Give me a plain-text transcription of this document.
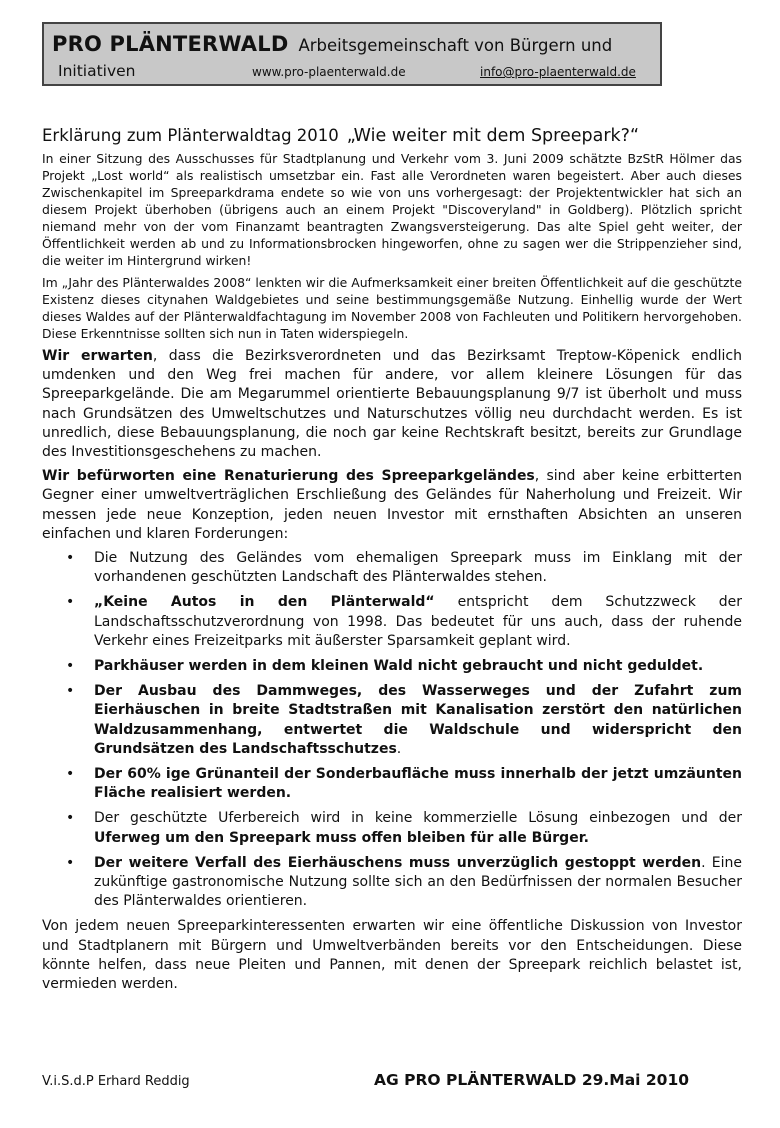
PRO PLÄNTERWALD Arbeitsgemeinschaft von Bürgern und
Initiativen	www.pro-plaenterwald.de	info@pro-plaenterwald.de
Erklärung zum Plänterwaldtag 2010 „Wie weiter mit dem Spreepark?“

In einer Sitzung des Ausschusses für Stadtplanung und Verkehr vom 3. Juni 2009 schätzte BzStR Hölmer das Projekt „Lost world“ als realistisch umsetzbar ein. Fast alle Verordneten waren begeistert. Aber auch dieses Zwischenkapitel im Spreeparkdrama endete so wie von uns vorhergesagt: der Projektentwickler hat sich an diesem Projekt überhoben (übrigens auch an einem Projekt "Discoveryland" in Goldberg). Plötzlich spricht niemand mehr von der vom Finanzamt beantragten Zwangsversteigerung. Das alte Spiel geht weiter, der Öffentlichkeit werden ab und zu Informationsbrocken hingeworfen, ohne zu sagen wer die Strippenzieher sind, die weiter im Hintergrund wirken!

Im „Jahr des Plänterwaldes 2008“ lenkten wir die Aufmerksamkeit einer breiten Öffentlichkeit auf die geschützte Existenz dieses citynahen Waldgebietes und seine bestimmungsgemäße Nutzung. Einhellig wurde der Wert dieses Waldes auf der Plänterwaldfachtagung im November 2008 von Fachleuten und Politikern hervorgehoben. Diese Erkenntnisse sollten sich nun in Taten widerspiegeln.

Wir erwarten, dass die Bezirksverordneten und das Bezirksamt Treptow-Köpenick endlich umdenken und den Weg frei machen für andere, vor allem kleinere Lösungen für das Spreeparkgelände. Die am Megarummel orientierte Bebauungsplanung 9/7 ist überholt und muss nach Grundsätzen des Umweltschutzes und Naturschutzes völlig neu durchdacht werden. Es ist unredlich, diese Bebauungsplanung, die noch gar keine Rechtskraft besitzt, bereits zur Grundlage des Investitionsgeschehens zu machen.

Wir befürworten eine Renaturierung des Spreeparkgeländes, sind aber keine erbitterten Gegner einer umweltverträglichen Erschließung des Geländes für Naherholung und Freizeit. Wir messen jede neue Konzeption, jeden neuen Investor mit ernsthaften Absichten an unseren einfachen und klaren Forderungen:

• Die Nutzung des Geländes vom ehemaligen Spreepark muss im Einklang mit der vorhandenen geschützten Landschaft des Plänterwaldes stehen.
• „Keine Autos in den Plänterwald“ entspricht dem Schutzzweck der Landschaftsschutzverordnung von 1998. Das bedeutet für uns auch, dass der ruhende Verkehr eines Freizeitparks mit äußerster Sparsamkeit geplant wird.
• Parkhäuser werden in dem kleinen Wald nicht gebraucht und nicht geduldet.
• Der Ausbau des Dammweges, des Wasserweges und der Zufahrt zum Eierhäuschen in breite Stadtstraßen mit Kanalisation zerstört den natürlichen Waldzusammenhang, entwertet die Waldschule und widerspricht den Grundsätzen des Landschaftsschutzes.
• Der 60% ige Grünanteil der Sonderbaufläche muss innerhalb der jetzt umzäunten Fläche realisiert werden.
• Der geschützte Uferbereich wird in keine kommerzielle Lösung einbezogen und der Uferweg um den Spreepark muss offen bleiben für alle Bürger.
• Der weitere Verfall des Eierhäuschens muss unverzüglich gestoppt werden. Eine zukünftige gastronomische Nutzung sollte sich an den Bedürfnissen der normalen Besucher des Plänterwaldes orientieren.

Von jedem neuen Spreeparkinteressenten erwarten wir eine öffentliche Diskussion von Investor und Stadtplanern mit Bürgern und Umweltverbänden bereits vor den Entscheidungen. Diese könnte helfen, dass neue Pleiten und Pannen, mit denen der Spreepark reichlich belastet ist, vermieden werden.

V.i.S.d.P Erhard Reddig	AG PRO PLÄNTERWALD 29.Mai 2010
